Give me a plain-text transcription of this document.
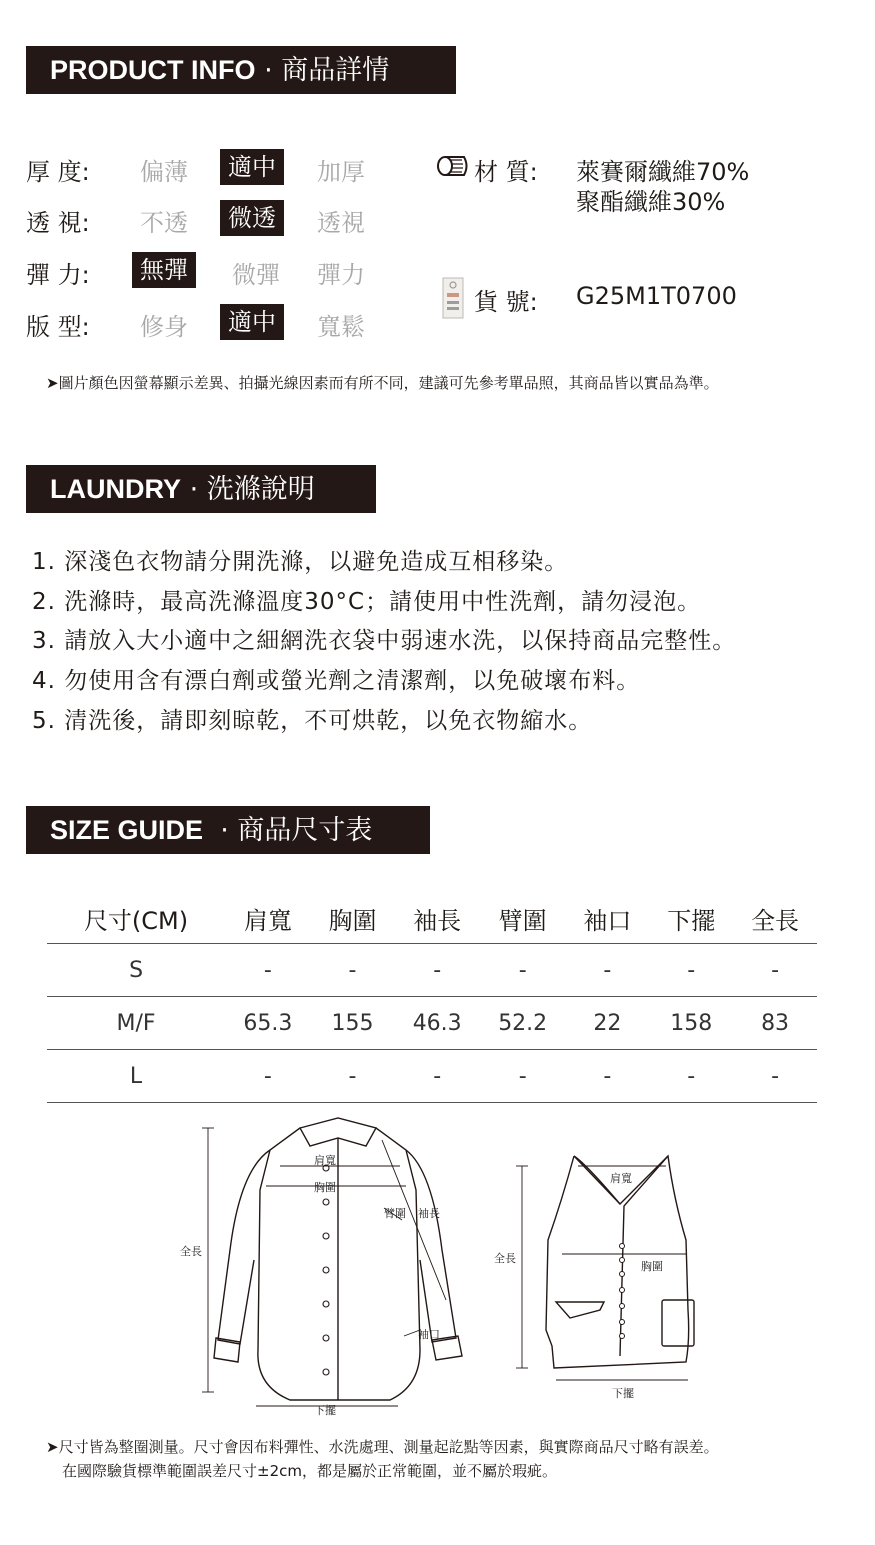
PRODUCT INFO · 商品詳情
厚 度: 偏薄	適中	加厚
透 視: 不透	微透	透視
彈 力:	無彈	微彈 彈力
版 型: 修身	適中	寬鬆
材 質: 萊賽爾纖維70%
聚酯纖維30%
貨 號: G25M1T0700
➤圖片顏色因螢幕顯示差異、拍攝光線因素而有所不同，建議可先參考單品照，其商品皆以實品為準。
LAUNDRY · 洗滌說明
1. 深淺色衣物請分開洗滌，以避免造成互相移染。
2. 洗滌時，最高洗滌溫度30°C；請使用中性洗劑，請勿浸泡。
3. 請放入大小適中之細網洗衣袋中弱速水洗，以保持商品完整性。
4. 勿使用含有漂白劑或螢光劑之清潔劑，以免破壞布料。
5. 清洗後，請即刻晾乾，不可烘乾，以免衣物縮水。
SIZE GUIDE · 商品尺寸表
尺寸(CM)	肩寬	胸圍	袖長	臂圍	袖口	下擺	全長
S	-	-	-	-	-	-	-
M/F	65.3	155	46.3	52.2	22	158	83
L	-	-	-	-	-	-	-
全長
肩寬
胸圍
臂圍 袖長
袖口
下擺
全長
肩寬
胸圍
下擺
➤尺寸皆為整圈測量。尺寸會因布料彈性、水洗處理、測量起訖點等因素，與實際商品尺寸略有誤差。
在國際驗貨標準範圍誤差尺寸±2cm，都是屬於正常範圍，並不屬於瑕疵。
